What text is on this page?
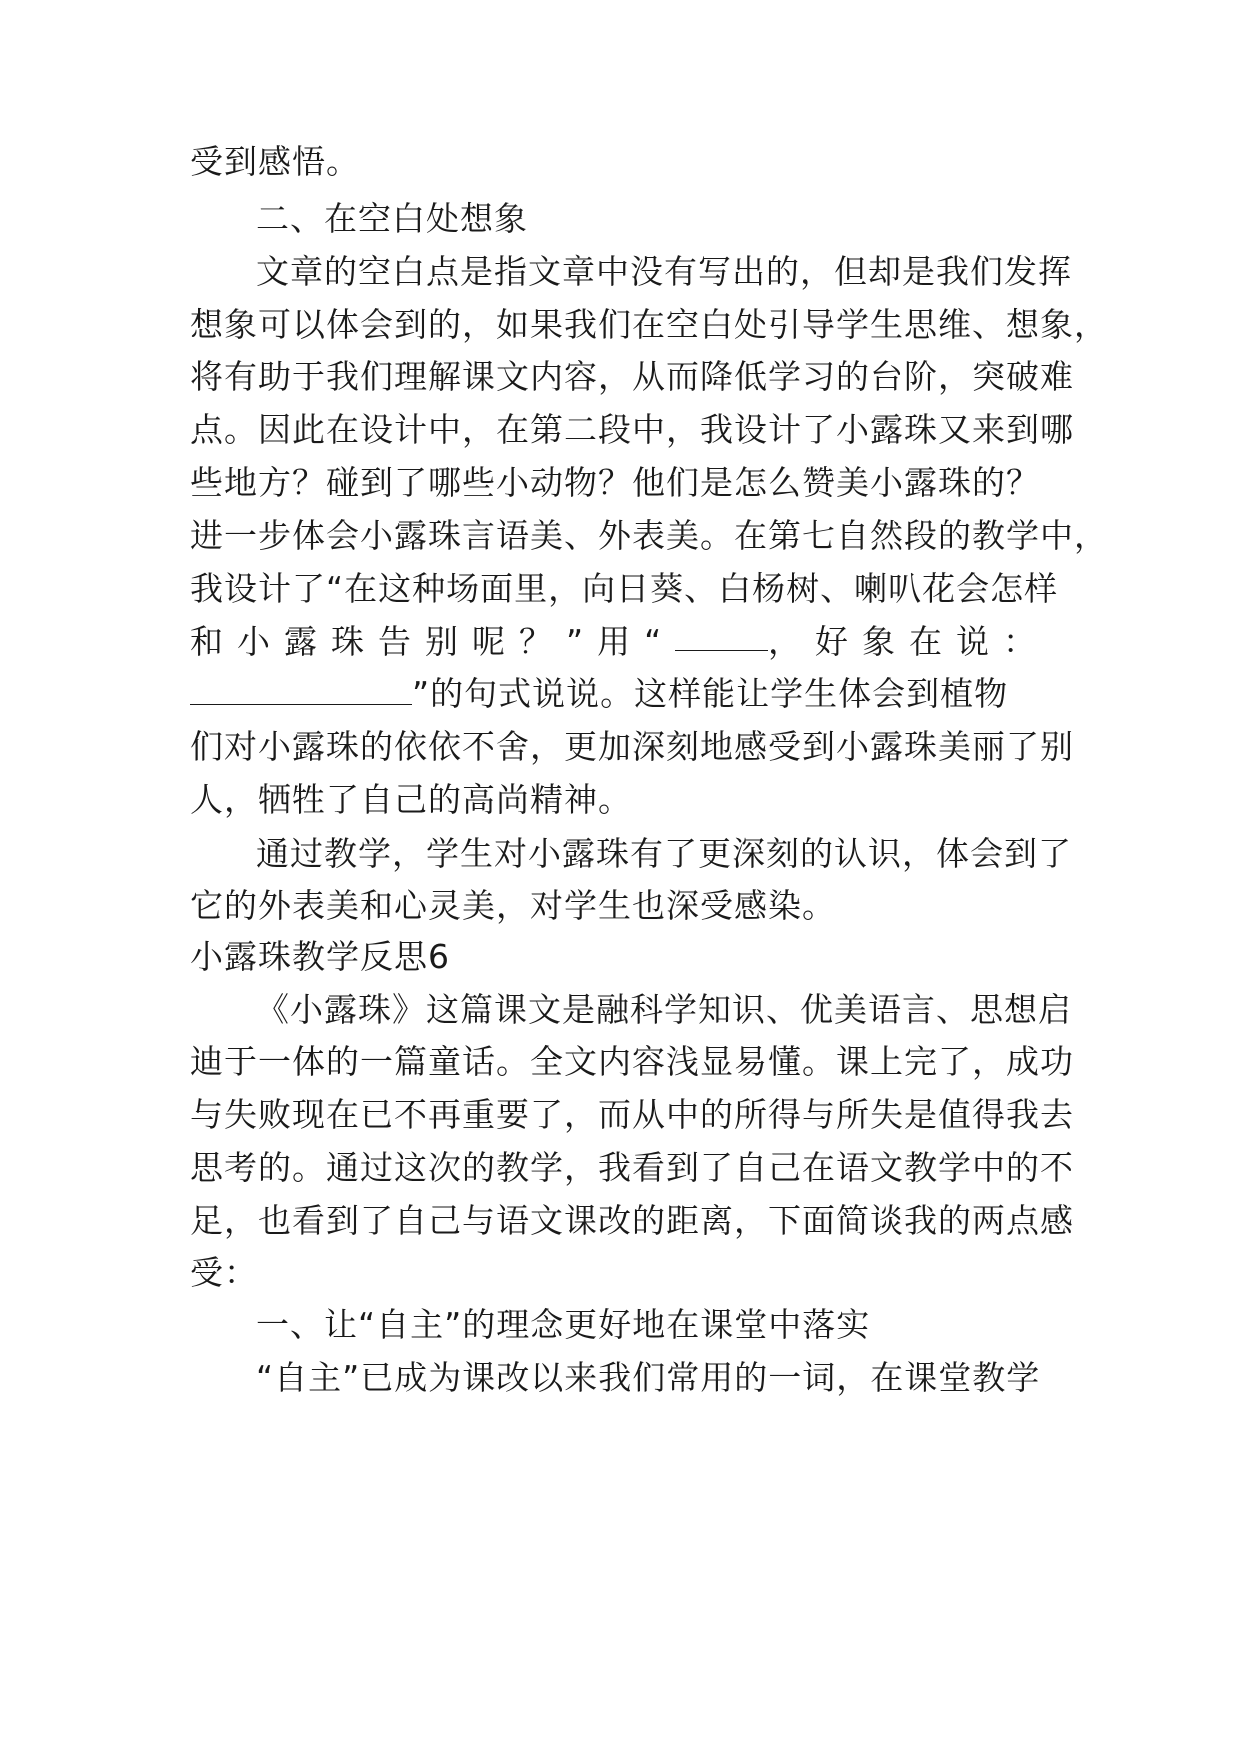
受到感悟。
二、在空白处想象
文章的空白点是指文章中没有写出的，但却是我们发挥
想象可以体会到的，如果我们在空白处引导学生思维、想象，
将有助于我们理解课文内容，从而降低学习的台阶，突破难
点。因此在设计中，在第二段中，我设计了小露珠又来到哪
些地方？碰到了哪些小动物？他们是怎么赞美小露珠的？
进一步体会小露珠言语美、外表美。在第七自然段的教学中，
我设计了“在这种场面里，向日葵、白杨树、喇叭花会怎样
和小露珠告别呢？”用“	，好象在说：
”的句式说说。这样能让学生体会到植物
们对小露珠的依依不舍，更加深刻地感受到小露珠美丽了别
人，牺牲了自己的高尚精神。
通过教学，学生对小露珠有了更深刻的认识，体会到了
它的外表美和心灵美，对学生也深受感染。
小露珠教学反思6
《小露珠》这篇课文是融科学知识、优美语言、思想启
迪于一体的一篇童话。全文内容浅显易懂。课上完了，成功
与失败现在已不再重要了，而从中的所得与所失是值得我去
思考的。通过这次的教学，我看到了自己在语文教学中的不
足，也看到了自己与语文课改的距离，下面简谈我的两点感
受：
一、让“自主”的理念更好地在课堂中落实
“自主”已成为课改以来我们常用的一词，在课堂教学
